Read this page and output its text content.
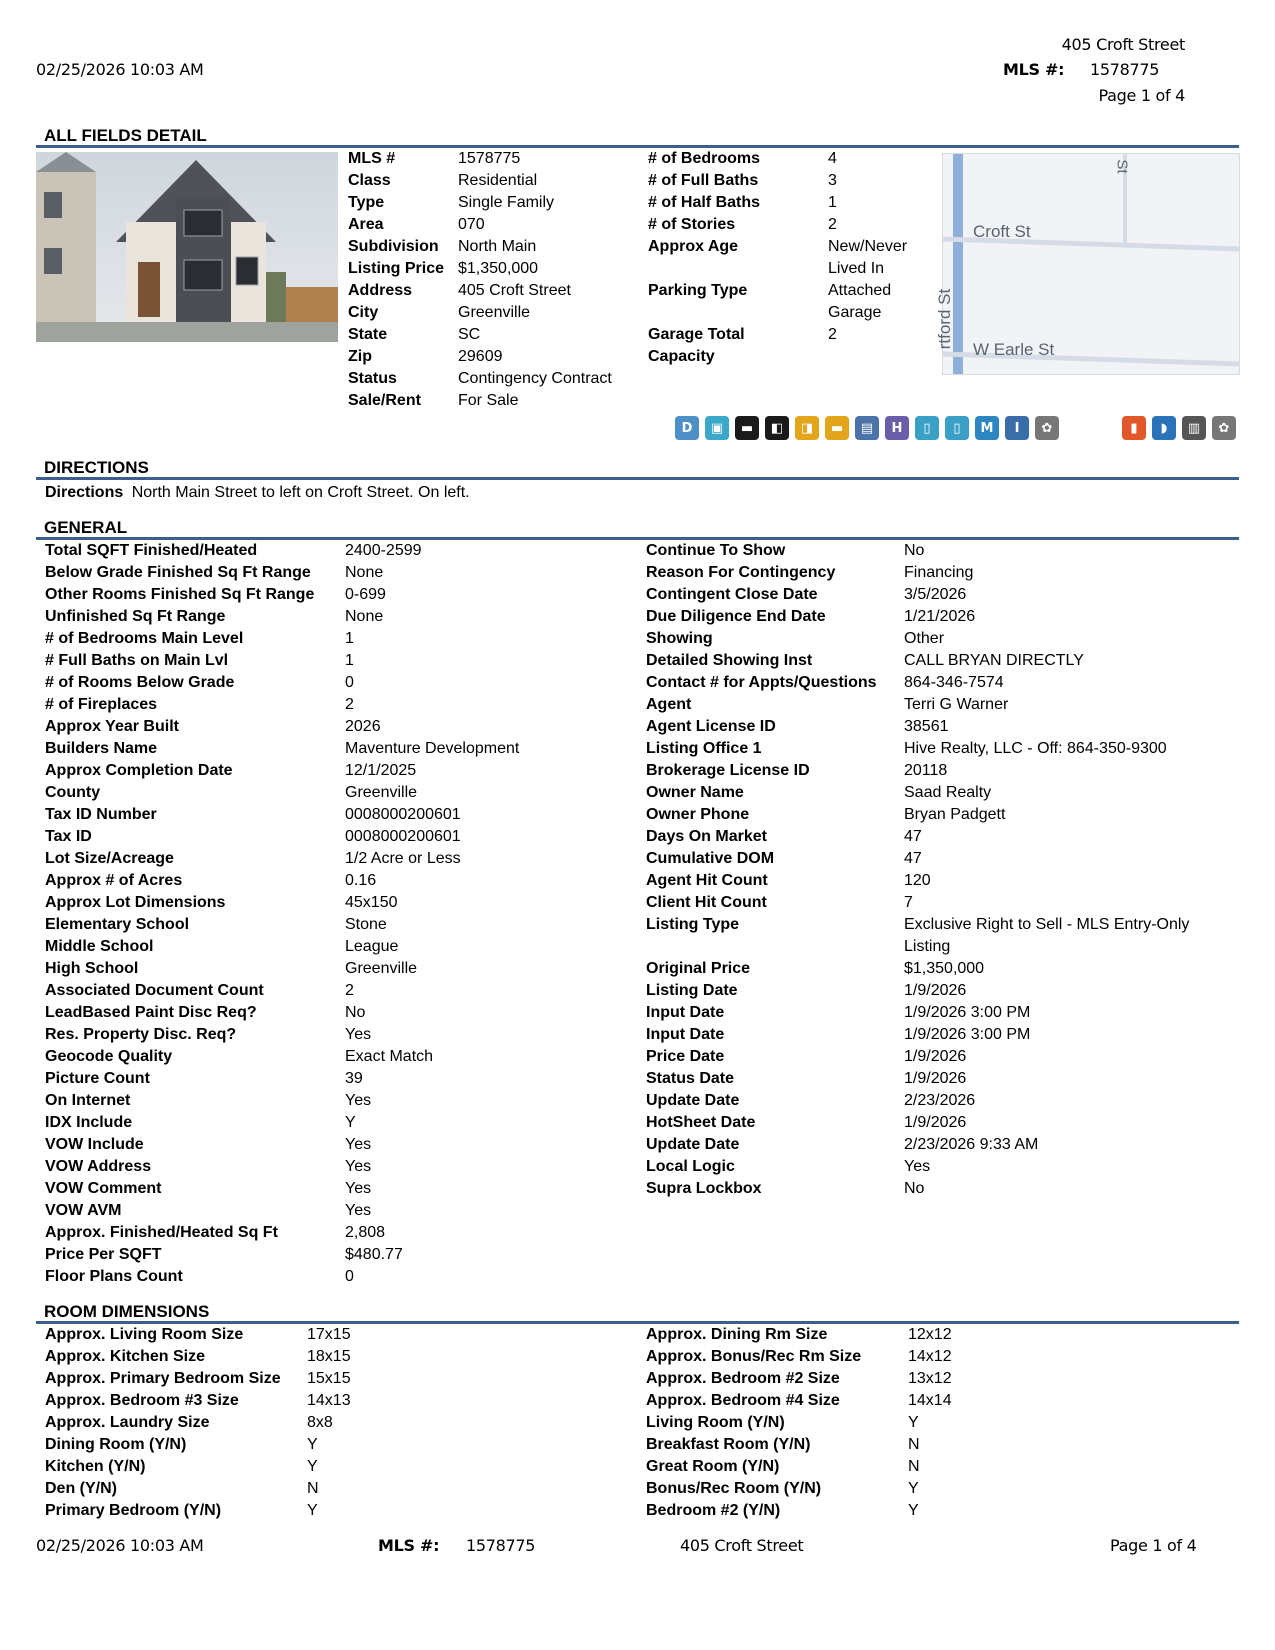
405 Croft Street
02/25/2026 10:03 AM	MLS #: 1578775
Page 1 of 4
ALL FIELDS DETAIL
MLS #	1578775
Class	Residential
Type	Single Family
Area	070
Subdivision North Main
Listing Price $1,350,000
Address	405 Croft Street
City	Greenville
State	SC
Zip	29609
Status	Contingency Contract
Sale/Rent For Sale
# of Bedrooms	4
# of Full Baths	3
# of Half Baths	1
# of Stories	2
Approx Age	New/Never
Lived In
Parking Type	Attached
Garage
Garage Total	2
Capacity
Croft St
W Earle St
rtford St
St
D	▣	▬	◧	◨	▬	▤	H	▯	▯	M	I	✿	▮	◗	▥	✿
DIRECTIONS
Directions North Main Street to left on Croft Street. On left.
GENERAL
Total SQFT Finished/Heated	2400-2599
Below Grade Finished Sq Ft Range None
Other Rooms Finished Sq Ft Range 0-699
Unfinished Sq Ft Range	None
# of Bedrooms Main Level	1
# Full Baths on Main Lvl	1
# of Rooms Below Grade	0
# of Fireplaces	2
Approx Year Built	2026
Builders Name	Maventure Development
Approx Completion Date	12/1/2025
County	Greenville
Tax ID Number	0008000200601
Tax ID	0008000200601
Lot Size/Acreage	1/2 Acre or Less
Approx # of Acres	0.16
Approx Lot Dimensions	45x150
Elementary School	Stone
Middle School	League
High School	Greenville
Associated Document Count	2
LeadBased Paint Disc Req?	No
Res. Property Disc. Req?	Yes
Geocode Quality	Exact Match
Picture Count	39
On Internet	Yes
IDX Include	Y
VOW Include	Yes
VOW Address	Yes
VOW Comment	Yes
VOW AVM	Yes
Approx. Finished/Heated Sq Ft	2,808
Price Per SQFT	$480.77
Floor Plans Count	0
Continue To Show	No
Reason For Contingency	Financing
Contingent Close Date	3/5/2026
Due Diligence End Date	1/21/2026
Showing	Other
Detailed Showing Inst	CALL BRYAN DIRECTLY
Contact # for Appts/Questions 864-346-7574
Agent	Terri G Warner
Agent License ID	38561
Listing Office 1	Hive Realty, LLC - Off: 864-350-9300
Brokerage License ID	20118
Owner Name	Saad Realty
Owner Phone	Bryan Padgett
Days On Market	47
Cumulative DOM	47
Agent Hit Count	120
Client Hit Count	7
Listing Type	Exclusive Right to Sell - MLS Entry-Only
Listing
Original Price	$1,350,000
Listing Date	1/9/2026
Input Date	1/9/2026 3:00 PM
Input Date	1/9/2026 3:00 PM
Price Date	1/9/2026
Status Date	1/9/2026
Update Date	2/23/2026
HotSheet Date	1/9/2026
Update Date	2/23/2026 9:33 AM
Local Logic	Yes
Supra Lockbox	No
ROOM DIMENSIONS
Approx. Living Room Size	17x15
Approx. Kitchen Size	18x15
Approx. Primary Bedroom Size 15x15
Approx. Bedroom #3 Size	14x13
Approx. Laundry Size	8x8
Dining Room (Y/N)	Y
Kitchen (Y/N)	Y
Den (Y/N)	N
Primary Bedroom (Y/N)	Y
Approx. Dining Rm Size	12x12
Approx. Bonus/Rec Rm Size	14x12
Approx. Bedroom #2 Size	13x12
Approx. Bedroom #4 Size	14x14
Living Room (Y/N)	Y
Breakfast Room (Y/N)	N
Great Room (Y/N)	N
Bonus/Rec Room (Y/N)	Y
Bedroom #2 (Y/N)	Y
02/25/2026 10:03 AM	MLS #: 1578775	405 Croft Street	Page 1 of 4
